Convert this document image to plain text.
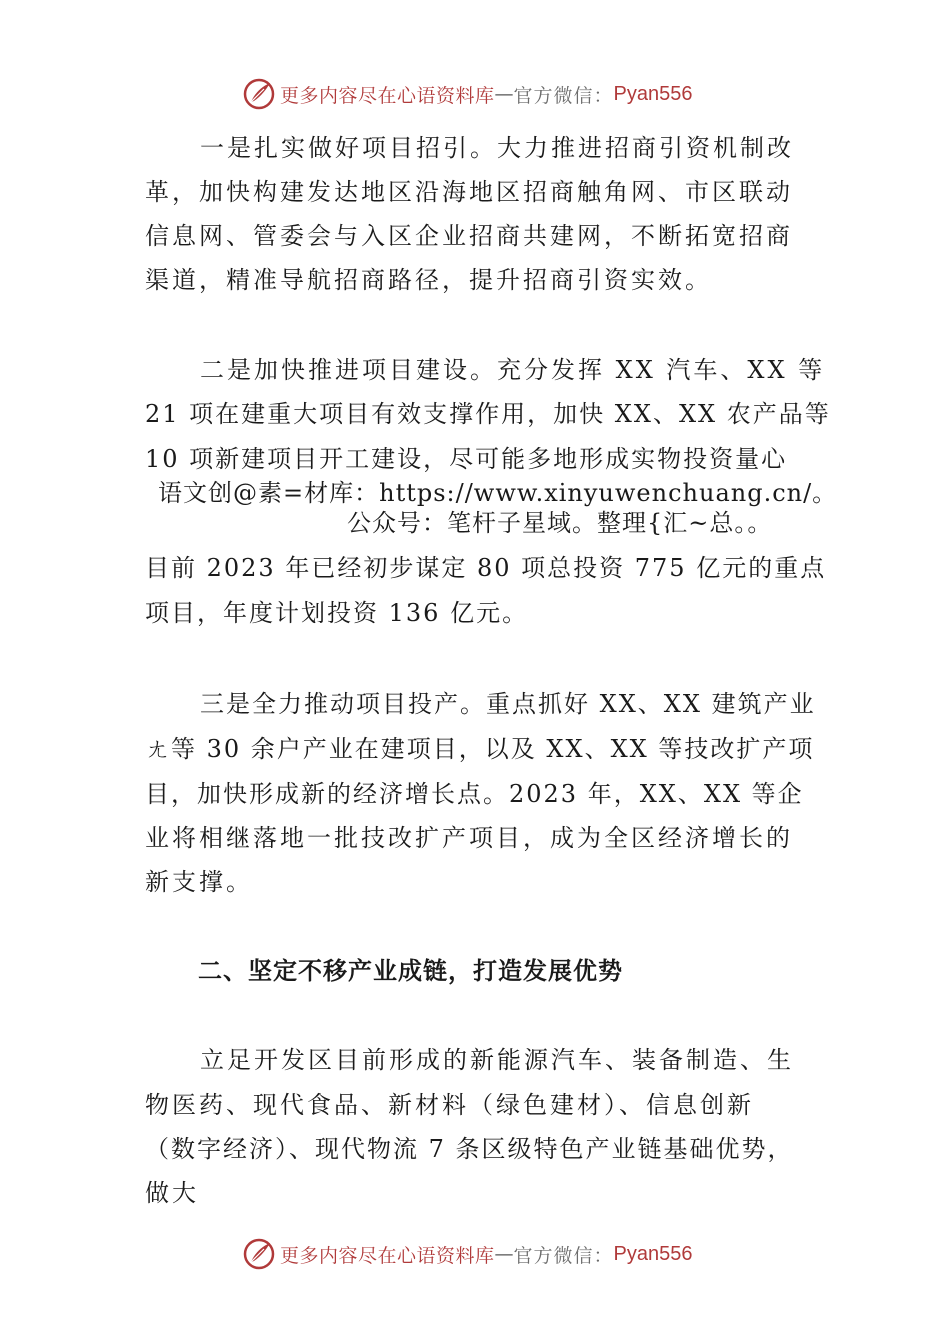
更多内容尽在心语资料库 — 官方微信： Pyan556
一是扎实做好项目招引。大力推进招商引资机制改
革，加快构建发达地区沿海地区招商触角网、市区联动
信息网、管委会与入区企业招商共建网，不断拓宽招商
渠道，精准导航招商路径，提升招商引资实效。
二是加快推进项目建设。充分发挥 XX 汽车、XX 等
21 项在建重大项目有效支撑作用，加快 XX、XX 农产品等
10 项新建项目开工建设，尽可能多地形成实物投资量心
语文创@素=材库：https://www.xinyuwenchuang.cn/。
公众号：笔杆子星域。整理{汇~总。。
目前 2023 年已经初步谋定 80 项总投资 775 亿元的重点
项目，年度计划投资 136 亿元。
三是全力推动项目投产。重点抓好 XX、XX 建筑产业
ㄤ等 30 余户产业在建项目，以及 XX、XX 等技改扩产项
目，加快形成新的经济增长点。2023 年，XX、XX 等企
业将相继落地一批技改扩产项目，成为全区经济增长的
新支撑。
二、坚定不移产业成链，打造发展优势
立足开发区目前形成的新能源汽车、装备制造、生
物医药、现代食品、新材料（绿色建材）、信息创新
（数字经济）、现代物流 7 条区级特色产业链基础优势，
做大
更多内容尽在心语资料库 — 官方微信： Pyan556
